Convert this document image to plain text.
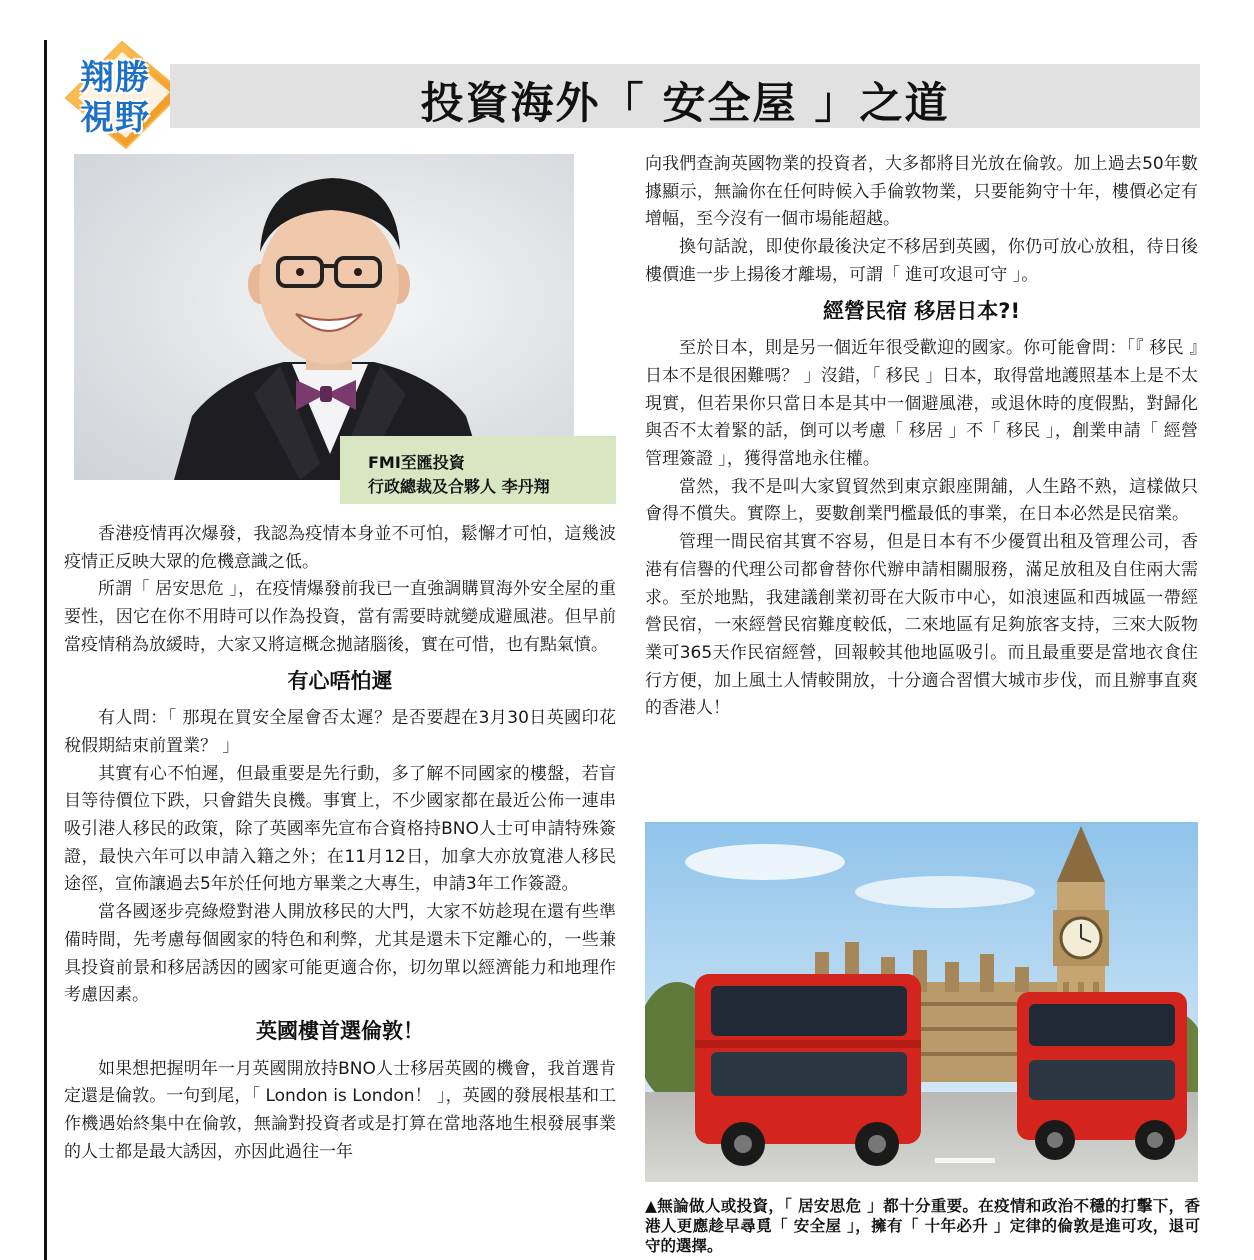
翔勝
視野	投資海外「 安全屋 」之道
FMI至匯投資
行政總裁及合夥人 李丹翔

香港疫情再次爆發，我認為疫情本身並不可怕，鬆懈才可怕，這幾波疫情正反映大眾的危機意識之低。

所謂「 居安思危 」，在疫情爆發前我已一直強調購買海外安全屋的重要性，因它在你不用時可以作為投資，當有需要時就變成避風港。但早前當疫情稍為放緩時，大家又將這概念拋諸腦後，實在可惜，也有點氣憤。

有心唔怕遲

有人問：「 那現在買安全屋會否太遲？是否要趕在3月30日英國印花稅假期結束前置業？ 」

其實有心不怕遲，但最重要是先行動，多了解不同國家的樓盤，若盲目等待價位下跌，只會錯失良機。事實上，不少國家都在最近公佈一連串吸引港人移民的政策，除了英國率先宣布合資格持BNO人士可申請特殊簽證，最快六年可以申請入籍之外；在11月12日，加拿大亦放寬港人移民途徑，宣佈讓過去5年於任何地方畢業之大專生，申請3年工作簽證。

當各國逐步亮綠燈對港人開放移民的大門，大家不妨趁現在還有些準備時間，先考慮每個國家的特色和利弊，尤其是還未下定離心的，一些兼具投資前景和移居誘因的國家可能更適合你，切勿單以經濟能力和地理作考慮因素。

英國樓首選倫敦！

如果想把握明年一月英國開放持BNO人士移居英國的機會，我首選肯定還是倫敦。一句到尾，「 London is London！ 」，英國的發展根基和工作機遇始終集中在倫敦，無論對投資者或是打算在當地落地生根發展事業的人士都是最大誘因，亦因此過往一年

向我們查詢英國物業的投資者，大多都將目光放在倫敦。加上過去50年數據顯示，無論你在任何時候入手倫敦物業，只要能夠守十年，樓價必定有增幅，至今沒有一個市場能超越。

換句話說，即使你最後決定不移居到英國，你仍可放心放租，待日後樓價進一步上揚後才離場，可謂「 進可攻退可守 」。

經營民宿 移居日本?!

至於日本，則是另一個近年很受歡迎的國家。你可能會問：「『 移民 』日本不是很困難嗎？ 」沒錯，「 移民 」日本，取得當地護照基本上是不太現實，但若果你只當日本是其中一個避風港，或退休時的度假點，對歸化與否不太着緊的話，倒可以考慮「 移居 」不「 移民 」，創業申請「 經營管理簽證 」，獲得當地永住權。

當然，我不是叫大家貿貿然到東京銀座開舖，人生路不熟，這樣做只會得不償失。實際上，要數創業門檻最低的事業，在日本必然是民宿業。

管理一間民宿其實不容易，但是日本有不少優質出租及管理公司，香港有信譽的代理公司都會替你代辦申請相關服務，滿足放租及自住兩大需求。至於地點，我建議創業初哥在大阪市中心，如浪速區和西城區一帶經營民宿，一來經營民宿難度較低，二來地區有足夠旅客支持，三來大阪物業可365天作民宿經營，回報較其他地區吸引。而且最重要是當地衣食住行方便，加上風土人情較開放，十分適合習慣大城市步伐，而且辦事直爽的香港人！

▲無論做人或投資，「 居安思危 」都十分重要。在疫情和政治不穩的打擊下，香港人更應趁早尋覓「 安全屋 」，擁有「 十年必升 」定律的倫敦是進可攻，退可守的選擇。
